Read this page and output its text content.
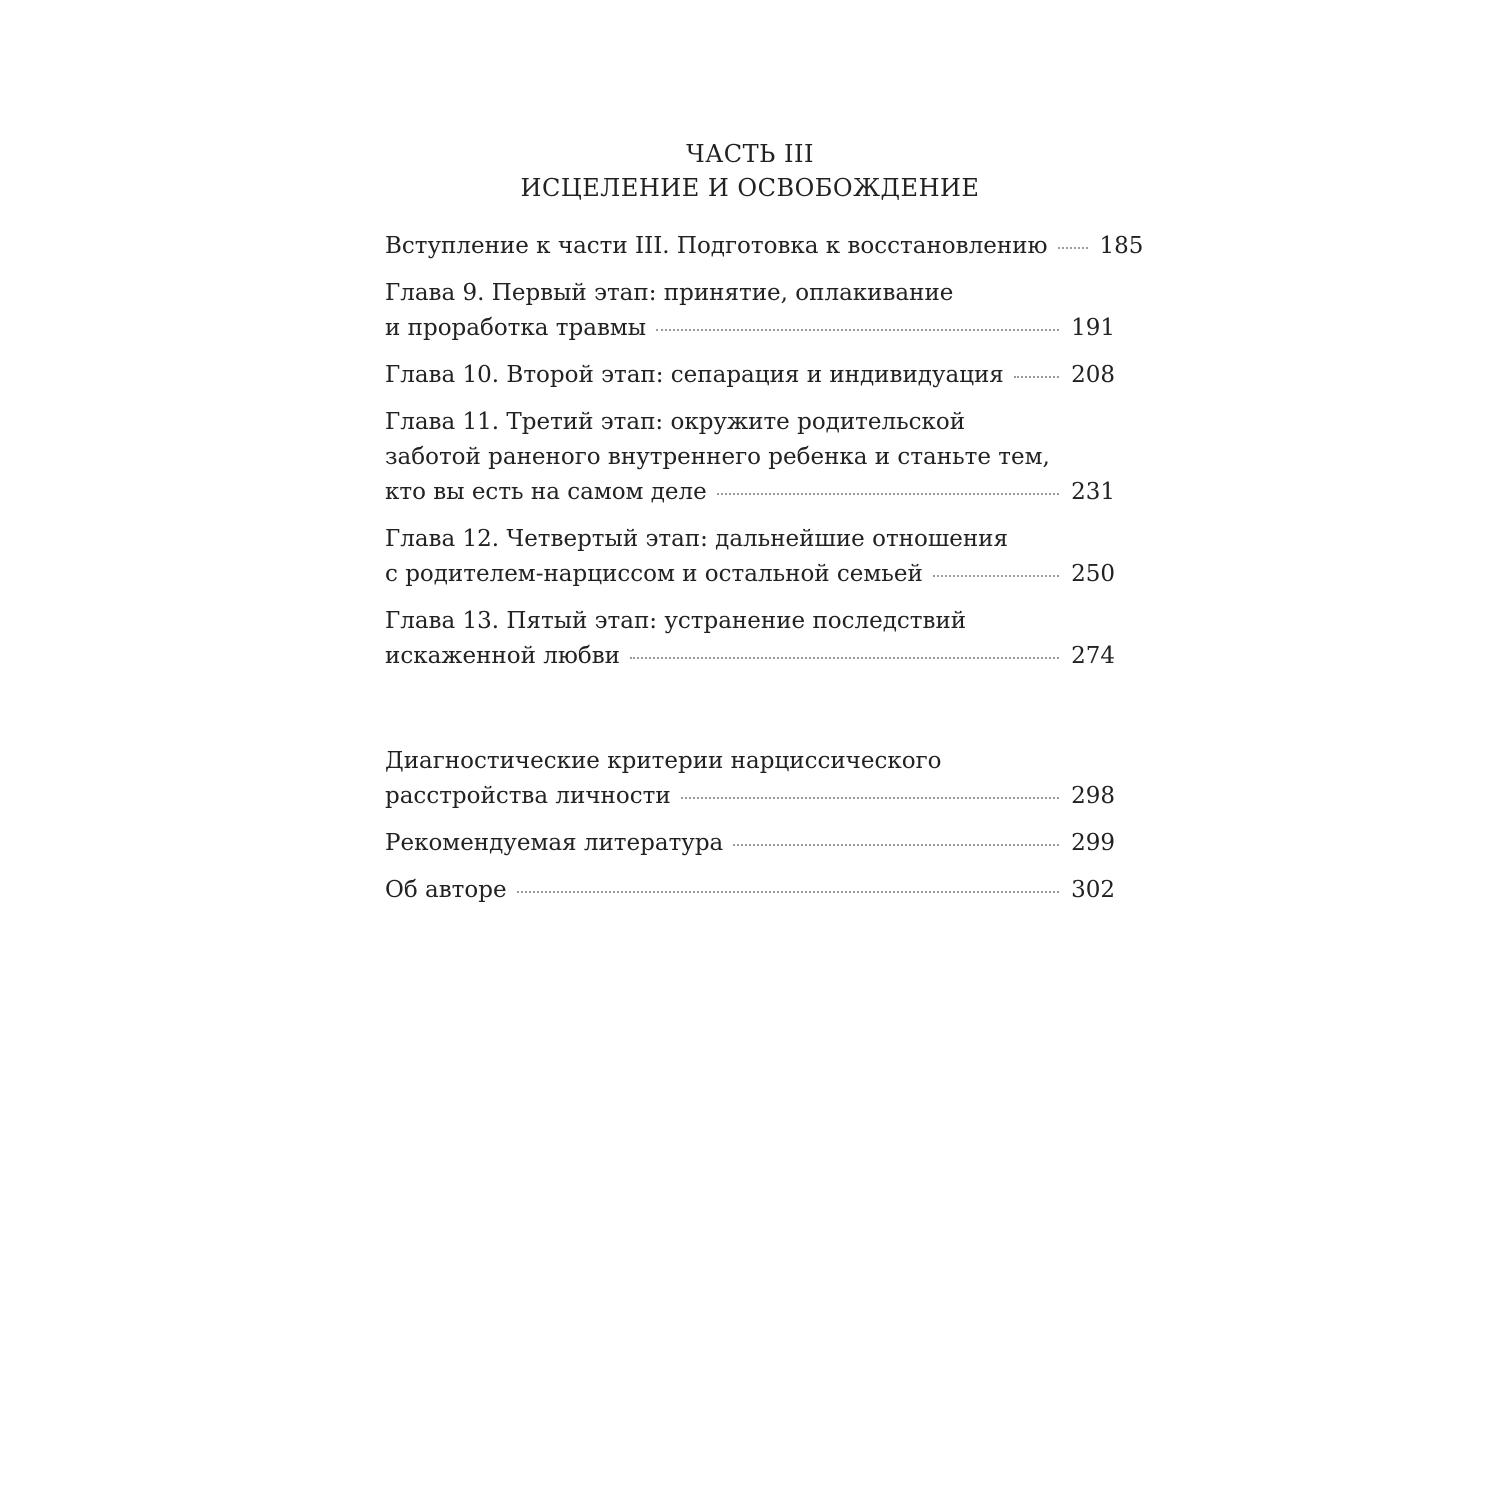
ЧАСТЬ III
ИСЦЕЛЕНИЕ И ОСВОБОЖДЕНИЕ
Вступление к части III. Подготовка к восстановлению 185
Глава 9. Первый этап: принятие, оплакивание
и проработка травмы	191
Глава 10. Второй этап: сепарация и индивидуация	208
Глава 11. Третий этап: окружите родительской
заботой раненого внутреннего ребенка и станьте тем,
кто вы есть на самом деле	231
Глава 12. Четвертый этап: дальнейшие отношения
с родителем-нарциссом и остальной семьей	250
Глава 13. Пятый этап: устранение последствий
искаженной любви	274
Диагностические критерии нарциссического
расстройства личности	298
Рекомендуемая литература	299
Об авторе	302
